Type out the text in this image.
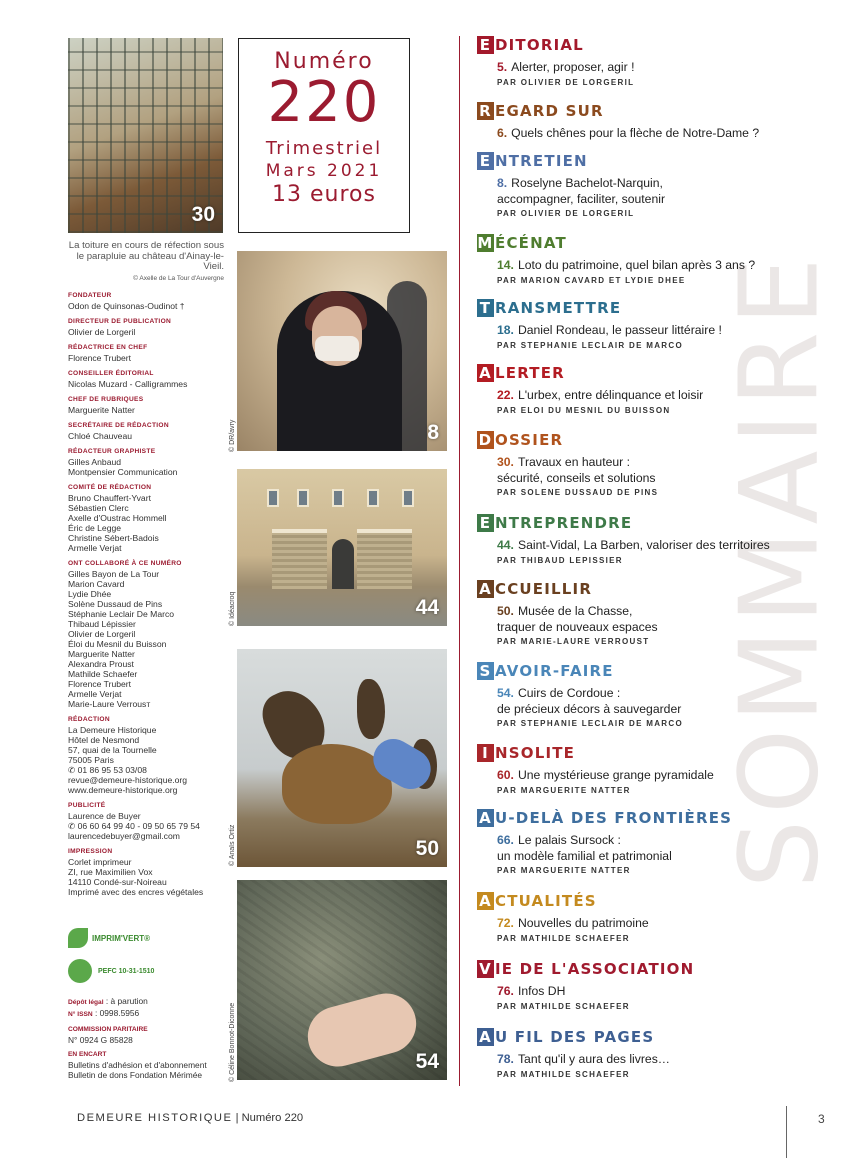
30
La toiture en cours de réfection sous le parapluie au château d'Ainay-le-Vieil.
© Axelle de La Tour d'Auvergne
8
© DR/avry
44
© Idéacroq
50
© Anaïs Ortiz
54
© Céline Bonnot-Diconne
Numéro
220
Trimestriel
Mars 2021
13 euros
FONDATEUR
Odon de Quinsonas-Oudinot †
DIRECTEUR DE PUBLICATION
Olivier de Lorgeril
RÉDACTRICE EN CHEF
Florence Trubert
CONSEILLER ÉDITORIAL
Nicolas Muzard - Calligrammes
CHEF DE RUBRIQUES
Marguerite Natter
SECRÉTAIRE DE RÉDACTION
Chloé Chauveau
RÉDACTEUR GRAPHISTE
Gilles Anbaud
Montpensier Communication
COMITÉ DE RÉDACTION
Bruno Chauffert-Yvart
Sébastien Clerc
Axelle d'Oustrac Hommell
Éric de Legge
Christine Sébert-Badois
Armelle Verjat
ONT COLLABORÉ À CE NUMÉRO
Gilles Bayon de La Tour
Marion Cavard
Lydie Dhée
Solène Dussaud de Pins
Stéphanie Leclair De Marco
Thibaud Lépissier
Olivier de Lorgeril
Éloi du Mesnil du Buisson
Marguerite Natter
Alexandra Proust
Mathilde Schaefer
Florence Trubert
Armelle Verjat
Marie-Laure Verrousт
RÉDACTION
La Demeure Historique
Hôtel de Nesmond
57, quai de la Tournelle
75005 Paris
✆ 01 86 95 53 03/08
revue@demeure-historique.org
www.demeure-historique.org
PUBLICITÉ
Laurence de Buyer
✆ 06 60 64 99 40 - 09 50 65 79 54
laurencedebuyer@gmail.com
IMPRESSION
Corlet imprimeur
ZI, rue Maximilien Vox
14110 Condé-sur-Noireau
Imprimé avec des encres végétales
IMPRIM'VERT®
PEFC 10-31-1510
Dépôt légal : à parution
N° ISSN : 0998.5956
COMMISSION PARITAIRE
N° 0924 G 85828
EN ENCART
Bulletins d'adhésion et d'abonnement
Bulletin de dons Fondation Mérimée
SOMMAIRE
E DITORIAL
5. Alerter, proposer, agir !
PAR OLIVIER DE LORGERIL
R EGARD SUR
6. Quels chênes pour la flèche de Notre-Dame ?
E NTRETIEN
8. Roselyne Bachelot-Narquin,
accompagner, faciliter, soutenir
PAR OLIVIER DE LORGERIL
M ÉCÉNAT
14. Loto du patrimoine, quel bilan après 3 ans ?
PAR MARION CAVARD ET LYDIE DHEE
T RANSMETTRE
18. Daniel Rondeau, le passeur littéraire !
PAR STEPHANIE LECLAIR DE MARCO
A LERTER
22. L'urbex, entre délinquance et loisir
PAR ELOI DU MESNIL DU BUISSON
D OSSIER
30. Travaux en hauteur :
sécurité, conseils et solutions
PAR SOLENE DUSSAUD DE PINS
E NTREPRENDRE
44. Saint-Vidal, La Barben, valoriser des territoires
PAR THIBAUD LEPISSIER
A CCUEILLIR
50. Musée de la Chasse,
traquer de nouveaux espaces
PAR MARIE-LAURE VERROUST
S AVOIR-FAIRE
54. Cuirs de Cordoue :
de précieux décors à sauvegarder
PAR STEPHANIE LECLAIR DE MARCO
I NSOLITE
60. Une mystérieuse grange pyramidale
PAR MARGUERITE NATTER
A U-DELÀ DES FRONTIÈRES
66. Le palais Sursock :
un modèle familial et patrimonial
PAR MARGUERITE NATTER
A CTUALITÉS
72. Nouvelles du patrimoine
PAR MATHILDE SCHAEFER
V IE DE L'ASSOCIATION
76. Infos DH
PAR MATHILDE SCHAEFER
A U FIL DES PAGES
78. Tant qu'il y aura des livres…
PAR MATHILDE SCHAEFER
DEMEURE HISTORIQUE | Numéro 220	3
